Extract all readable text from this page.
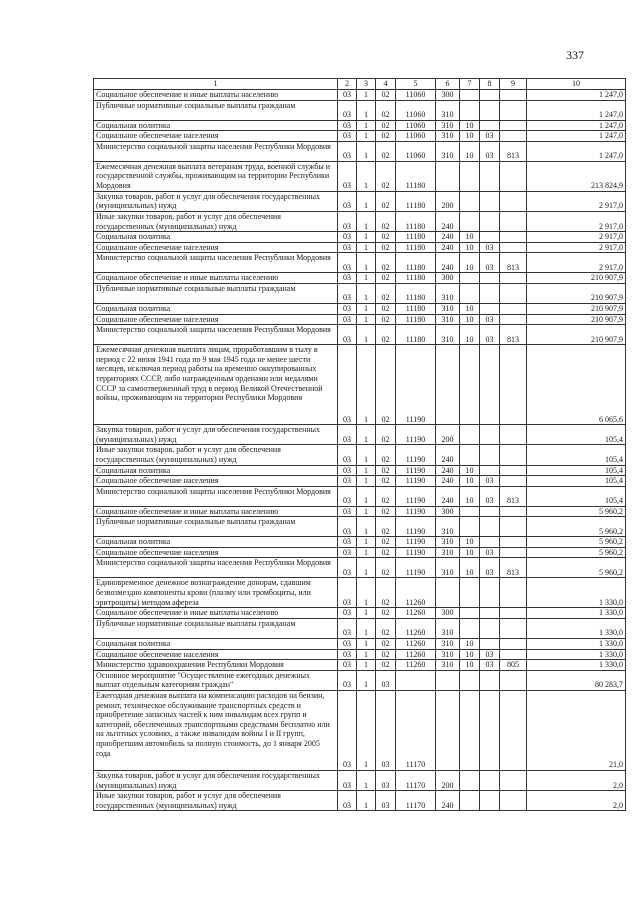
337
1	2	3	4	5	6	7	8	9	10
Социальное обеспечение и иные выплаты населению	03	1	02	11060	300				1 247,0
Публичные нормативные социальные выплаты гражданам	03	1	02	11060	310				1 247,0
Социальная политика	03	1	02	11060	310	10			1 247,0
Социальное обеспечение населения	03	1	02	11060	310	10	03		1 247,0
Министерство социальной защиты населения Республики Мордовия	03	1	02	11060	310	10	03	813	1 247,0
Ежемесячная денежная выплата ветеранам труда, военной службы и государственной службы, проживающим на территории Республики Мордовия	03	1	02	11180					213 824,9
Закупка товаров, работ и услуг для обеспечения государственных (муниципальных) нужд	03	1	02	11180	200				2 917,0
Иные закупки товаров, работ и услуг для обеспечения государственных (муниципальных) нужд	03	1	02	11180	240				2 917,0
Социальная политика	03	1	02	11180	240	10			2 917,0
Социальное обеспечение населения	03	1	02	11180	240	10	03		2 917,0
Министерство социальной защиты населения Республики Мордовия	03	1	02	11180	240	10	03	813	2 917,0
Социальное обеспечение и иные выплаты населению	03	1	02	11180	300				210 907,9
Публичные нормативные социальные выплаты гражданам	03	1	02	11180	310				210 907,9
Социальная политика	03	1	02	11180	310	10			210 907,9
Социальное обеспечение населения	03	1	02	11180	310	10	03		210 907,9
Министерство социальной защиты населения Республики Мордовия	03	1	02	11180	310	10	03	813	210 907,9
Ежемесячная денежная выплата лицам, проработавшим в тылу в период с 22 июня 1941 года по 9 мая 1945 года не менее шести месяцев, исключая период работы на временно оккупированных территориях СССР, либо награжденным орденами или медалями СССР за самоотверженный труд в период Великой Отечественной войны, проживающим на территории Республики Мордовия	03	1	02	11190					6 065,6
Закупка товаров, работ и услуг для обеспечения государственных (муниципальных) нужд	03	1	02	11190	200				105,4
Иные закупки товаров, работ и услуг для обеспечения государственных (муниципальных) нужд	03	1	02	11190	240				105,4
Социальная политика	03	1	02	11190	240	10			105,4
Социальное обеспечение населения	03	1	02	11190	240	10	03		105,4
Министерство социальной защиты населения Республики Мордовия	03	1	02	11190	240	10	03	813	105,4
Социальное обеспечение и иные выплаты населению	03	1	02	11190	300				5 960,2
Публичные нормативные социальные выплаты гражданам	03	1	02	11190	310				5 960,2
Социальная политика	03	1	02	11190	310	10			5 960,2
Социальное обеспечение населения	03	1	02	11190	310	10	03		5 960,2
Министерство социальной защиты населения Республики Мордовия	03	1	02	11190	310	10	03	813	5 960,2
Единовременное денежное вознаграждение донорам, сдавшим безвозмездно компоненты крови (плазму или тромбоциты, или эритроциты) методом афереза	03	1	02	11260					1 330,0
Социальное обеспечение и иные выплаты населению	03	1	02	11260	300				1 330,0
Публичные нормативные социальные выплаты гражданам	03	1	02	11260	310				1 330,0
Социальная политика	03	1	02	11260	310	10			1 330,0
Социальное обеспечение населения	03	1	02	11260	310	10	03		1 330,0
Министерство здравоохранения Республики Мордовия	03	1	02	11260	310	10	03	805	1 330,0
Основное мероприятие "Осуществление ежегодных денежных выплат отдельным категориям граждан"	03	1	03						80 283,7
Ежегодная денежная выплата на компенсацию расходов на бензин, ремонт, техническое обслуживание транспортных средств и приобретение запасных частей к ним инвалидам всех групп и категорий, обеспеченных транспортными средствами бесплатно или на льготных условиях, а также инвалидам войны I и II групп, приобретшим автомобиль за полную стоимость, до 1 января 2005 года	03	1	03	11170					21,0
Закупка товаров, работ и услуг для обеспечения государственных (муниципальных) нужд	03	1	03	11170	200				2,0
Иные закупки товаров, работ и услуг для обеспечения государственных (муниципальных) нужд	03	1	03	11170	240				2,0
